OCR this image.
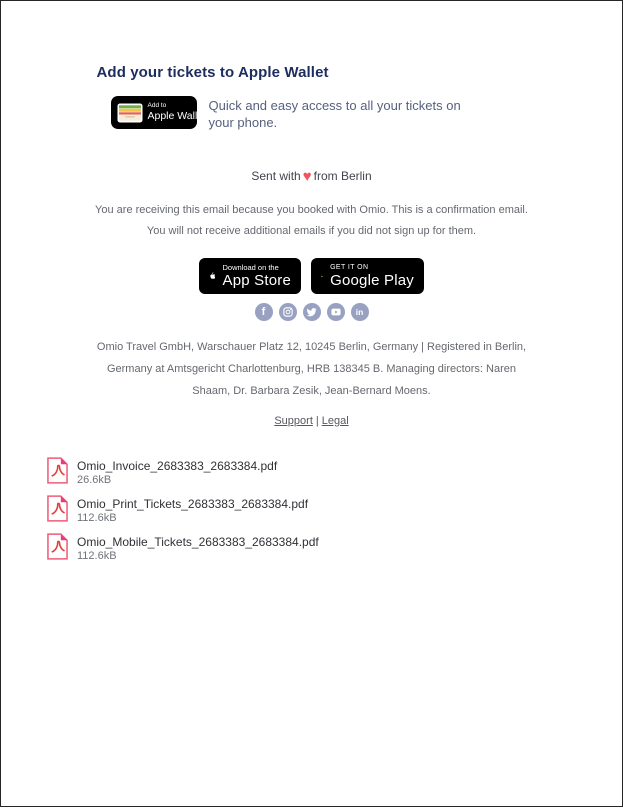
Add your tickets to Apple Wallet
Add to
Apple Wallet

Quick and easy access to all your tickets on your phone.

Sent with ♥ from Berlin

You are receiving this email because you booked with Omio. This is a confirmation email. You will not receive additional emails if you did not sign up for them.

Download on the
App Store
GET IT ON
Google Play
f	in

Omio Travel GmbH, Warschauer Platz 12, 10245 Berlin, Germany | Registered in Berlin, Germany at Amtsgericht Charlottenburg, HRB 138345 B. Managing directors: Naren Shaam, Dr. Barbara Zesik, Jean-Bernard Moens.

Support | Legal

Omio_Invoice_2683383_2683384.pdf
26.6kB
Omio_Print_Tickets_2683383_2683384.pdf
112.6kB
Omio_Mobile_Tickets_2683383_2683384.pdf
112.6kB
